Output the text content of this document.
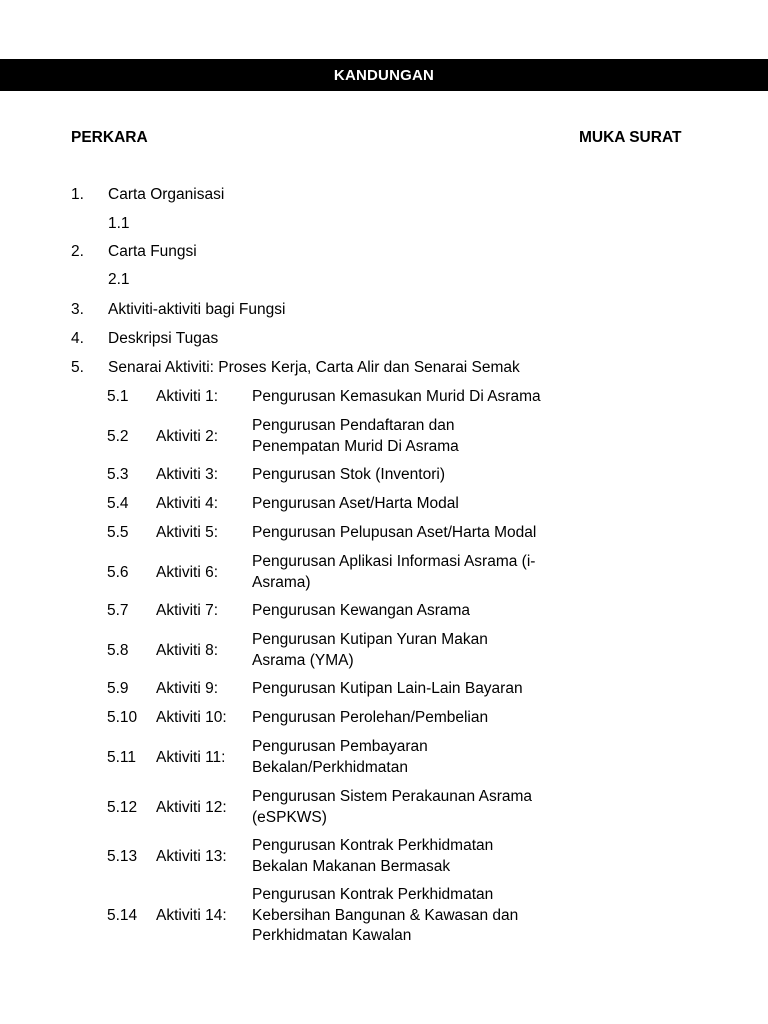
KANDUNGAN
PERKARA	MUKA SURAT
1. Carta Organisasi
1.1
2. Carta Fungsi
2.1
3. Aktiviti-aktiviti bagi Fungsi
4. Deskripsi Tugas
5. Senarai Aktiviti: Proses Kerja, Carta Alir dan Senarai Semak
5.1 Aktiviti 1: Pengurusan Kemasukan Murid Di Asrama
5.2 Aktiviti 2:
Pengurusan Pendaftaran dan
Penempatan Murid Di Asrama
5.3 Aktiviti 3: Pengurusan Stok (Inventori)
5.4 Aktiviti 4: Pengurusan Aset/Harta Modal
5.5 Aktiviti 5: Pengurusan Pelupusan Aset/Harta Modal
5.6 Aktiviti 6:
Pengurusan Aplikasi Informasi Asrama (i-
Asrama)
5.7 Aktiviti 7: Pengurusan Kewangan Asrama
5.8 Aktiviti 8:
Pengurusan Kutipan Yuran Makan
Asrama (YMA)
5.9 Aktiviti 9: Pengurusan Kutipan Lain-Lain Bayaran
5.10 Aktiviti 10: Pengurusan Perolehan/Pembelian
5.11 Aktiviti 11:
Pengurusan Pembayaran
Bekalan/Perkhidmatan
5.12 Aktiviti 12:
Pengurusan Sistem Perakaunan Asrama
(eSPKWS)
5.13 Aktiviti 13:
Pengurusan Kontrak Perkhidmatan
Bekalan Makanan Bermasak
5.14 Aktiviti 14:
Pengurusan Kontrak Perkhidmatan
Kebersihan Bangunan & Kawasan dan
Perkhidmatan Kawalan
